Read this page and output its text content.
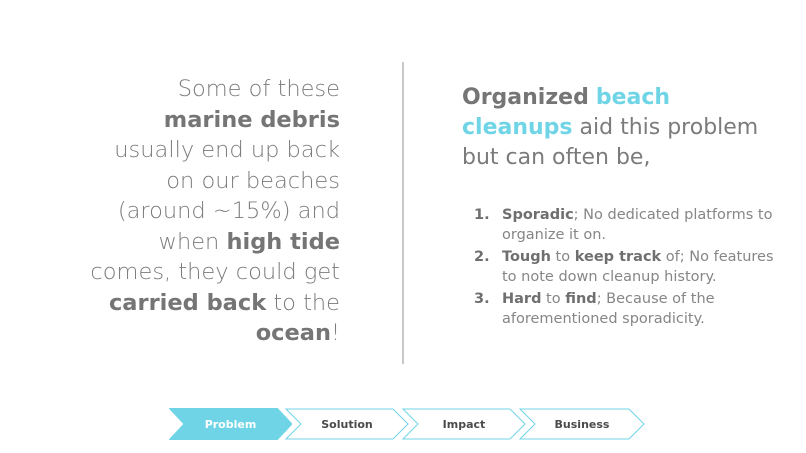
Some of these marine debris usually end up back on our beaches (around ~15%) and when high tide comes, they could get carried back to the ocean!
Organized beach cleanups aid this problem but can often be,
1. Sporadic; No dedicated platforms to organize it on.
2. Tough to keep track of; No features to note down cleanup history.
3. Hard to find; Because of the aforementioned sporadicity.
Problem	Solution	Impact	Business
